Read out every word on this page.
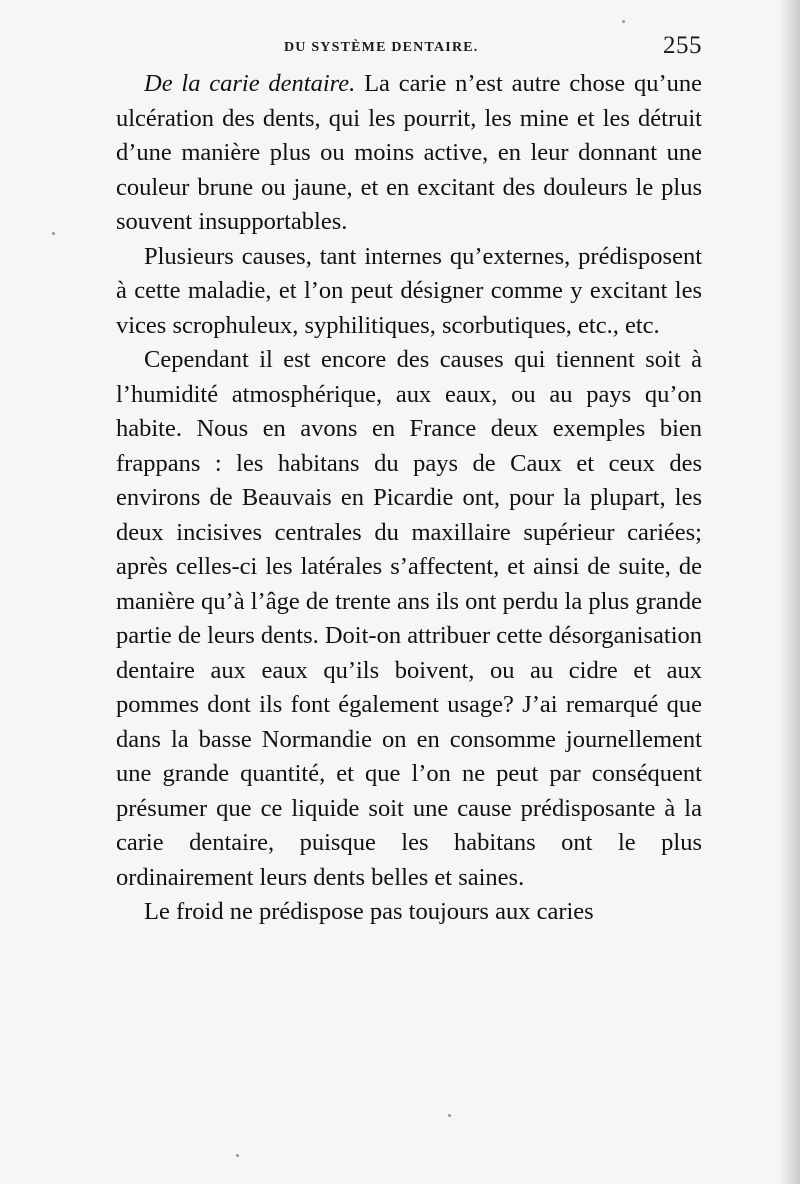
DU SYSTÈME DENTAIRE.	255

De la carie dentaire. La carie n’est autre chose qu’une ulcération des dents, qui les pourrit, les mine et les détruit d’une manière plus ou moins active, en leur donnant une couleur brune ou jaune, et en excitant des douleurs le plus souvent insupportables.

Plusieurs causes, tant internes qu’externes, prédisposent à cette maladie, et l’on peut désigner comme y excitant les vices scrophuleux, syphilitiques, scorbutiques, etc., etc.

Cependant il est encore des causes qui tiennent soit à l’humidité atmosphérique, aux eaux, ou au pays qu’on habite. Nous en avons en France deux exemples bien frappans : les habitans du pays de Caux et ceux des environs de Beauvais en Picardie ont, pour la plupart, les deux incisives centrales du maxillaire supérieur cariées; après celles-ci les latérales s’affectent, et ainsi de suite, de manière qu’à l’âge de trente ans ils ont perdu la plus grande partie de leurs dents. Doit-on attribuer cette désorganisation dentaire aux eaux qu’ils boivent, ou au cidre et aux pommes dont ils font également usage? J’ai remarqué que dans la basse Normandie on en consomme journellement une grande quantité, et que l’on ne peut par conséquent présumer que ce liquide soit une cause prédisposante à la carie dentaire, puisque les habitans ont le plus ordinairement leurs dents belles et saines.

Le froid ne prédispose pas toujours aux caries
